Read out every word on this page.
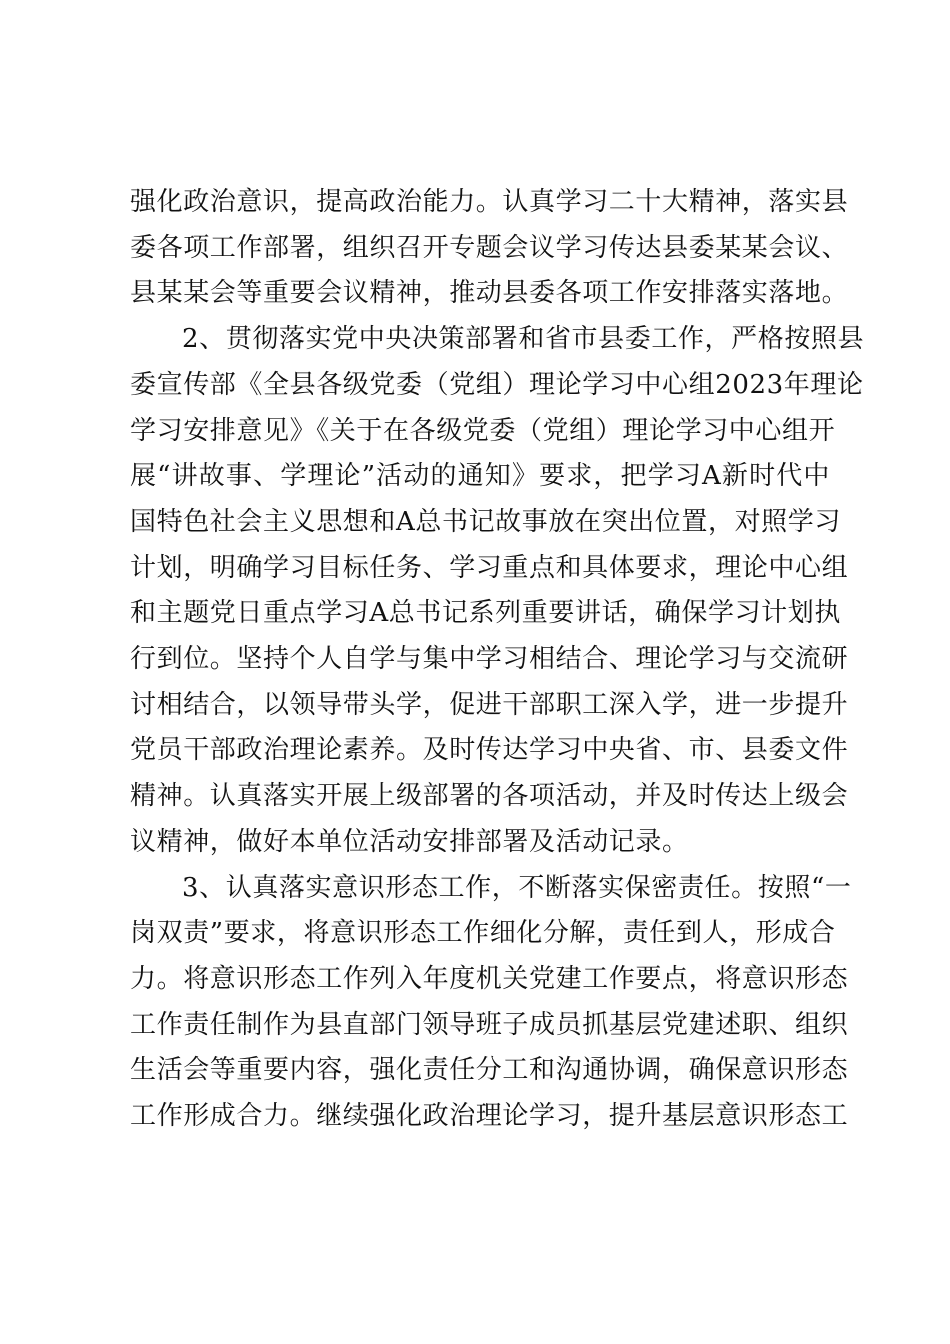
强化政治意识，提高政治能力。认真学习二十大精神，落实县
委各项工作部署，组织召开专题会议学习传达县委某某会议、
县某某会等重要会议精神，推动县委各项工作安排落实落地。

2、贯彻落实党中央决策部署和省市县委工作，严格按照县
委宣传部《全县各级党委（党组）理论学习中心组2023年理论
学习安排意见》《关于在各级党委（党组）理论学习中心组开
展“讲故事、学理论”活动的通知》要求，把学习A新时代中
国特色社会主义思想和A总书记故事放在突出位置，对照学习
计划，明确学习目标任务、学习重点和具体要求，理论中心组
和主题党日重点学习A总书记系列重要讲话，确保学习计划执
行到位。坚持个人自学与集中学习相结合、理论学习与交流研
讨相结合，以领导带头学，促进干部职工深入学，进一步提升
党员干部政治理论素养。及时传达学习中央省、市、县委文件
精神。认真落实开展上级部署的各项活动，并及时传达上级会
议精神，做好本单位活动安排部署及活动记录。

3、认真落实意识形态工作，不断落实保密责任。按照“一
岗双责”要求，将意识形态工作细化分解，责任到人，形成合
力。将意识形态工作列入年度机关党建工作要点，将意识形态
工作责任制作为县直部门领导班子成员抓基层党建述职、组织
生活会等重要内容，强化责任分工和沟通协调，确保意识形态
工作形成合力。继续强化政治理论学习，提升基层意识形态工
